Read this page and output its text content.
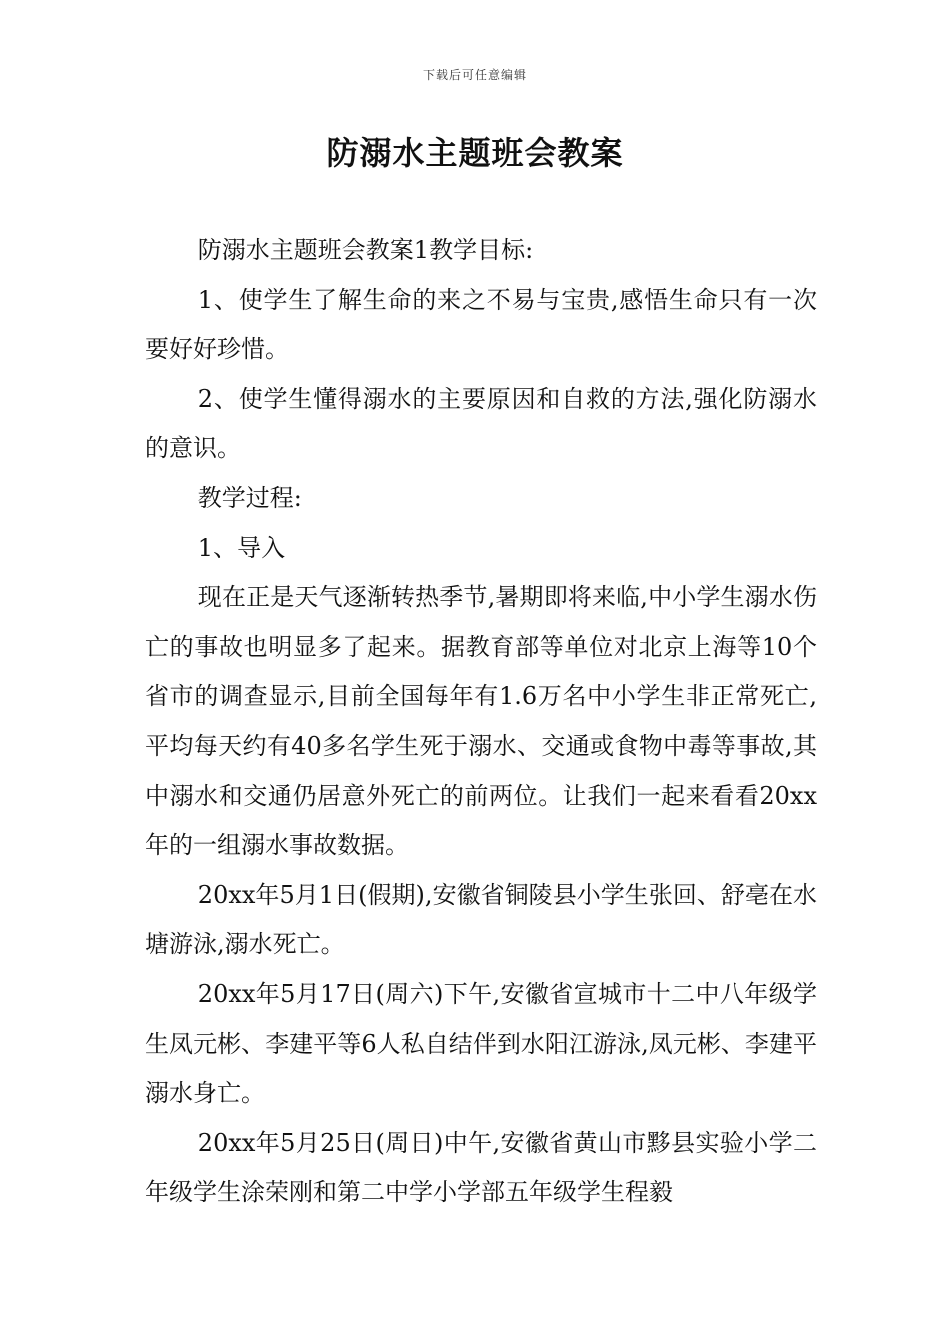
下载后可任意编辑
防溺水主题班会教案

防溺水主题班会教案1教学目标:

1、使学生了解生命的来之不易与宝贵,感悟生命只有一次要好好珍惜。

2、使学生懂得溺水的主要原因和自救的方法,强化防溺水的意识。

教学过程:

1、导入

现在正是天气逐渐转热季节,暑期即将来临,中小学生溺水伤亡的事故也明显多了起来。据教育部等单位对北京上海等10个省市的调查显示,目前全国每年有1.6万名中小学生非正常死亡,平均每天约有40多名学生死于溺水、交通或食物中毒等事故,其中溺水和交通仍居意外死亡的前两位。让我们一起来看看20xx年的一组溺水事故数据。

20xx年5月1日(假期),安徽省铜陵县小学生张回、舒亳在水塘游泳,溺水死亡。

20xx年5月17日(周六)下午,安徽省宣城市十二中八年级学生凤元彬、李建平等6人私自结伴到水阳江游泳,凤元彬、李建平溺水身亡。

20xx年5月25日(周日)中午,安徽省黄山市黟县实验小学二年级学生涂荣刚和第二中学小学部五年级学生程毅
